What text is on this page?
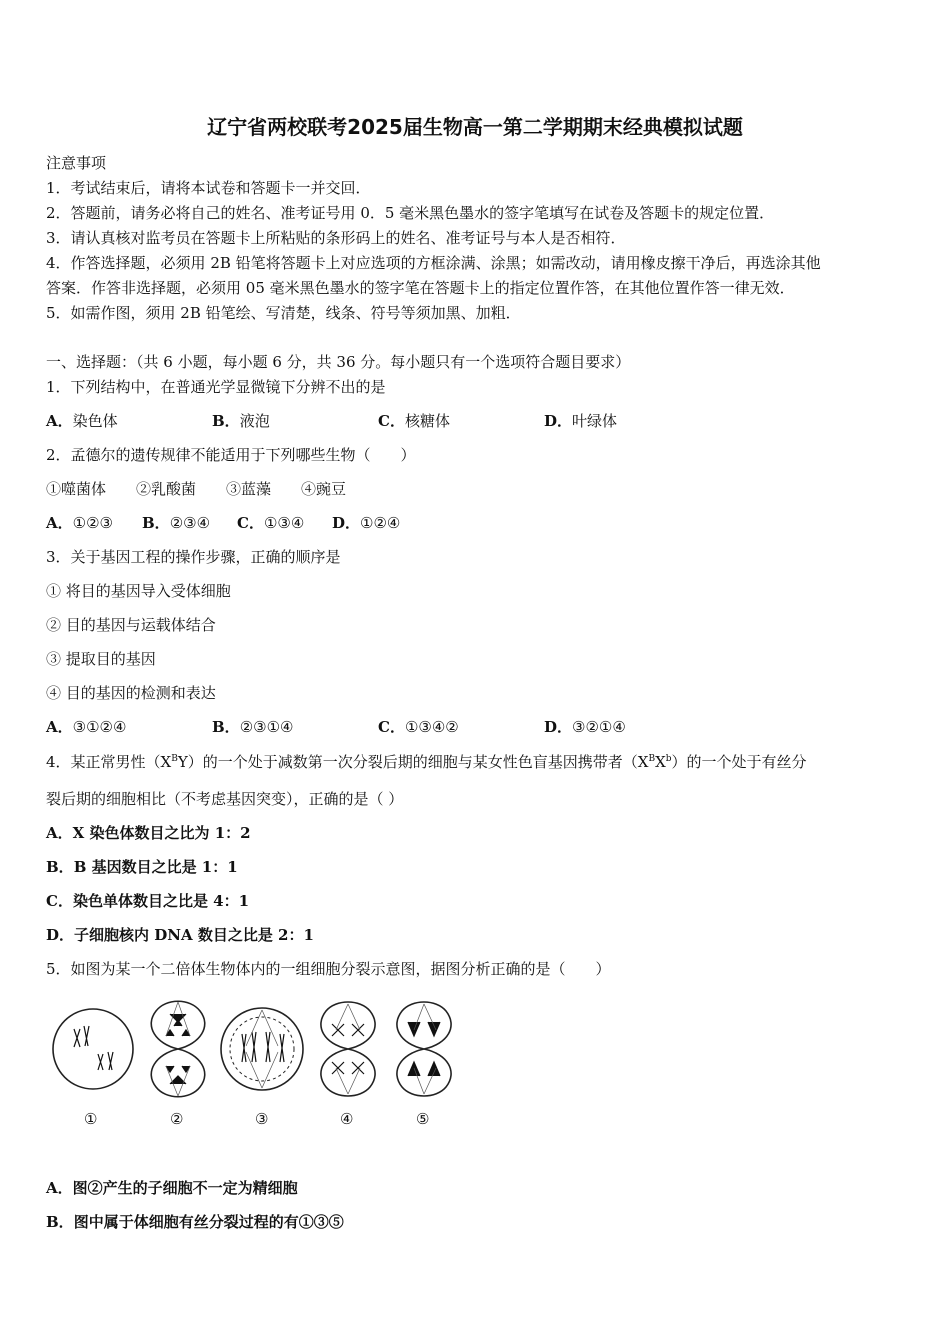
辽宁省两校联考2025届生物高一第二学期期末经典模拟试题
注意事项
1．考试结束后，请将本试卷和答题卡一并交回．
2．答题前，请务必将自己的姓名、准考证号用 0．5 毫米黑色墨水的签字笔填写在试卷及答题卡的规定位置．
3．请认真核对监考员在答题卡上所粘贴的条形码上的姓名、准考证号与本人是否相符．
4．作答选择题，必须用 2B 铅笔将答题卡上对应选项的方框涂满、涂黑；如需改动，请用橡皮擦干净后，再选涂其他
答案．作答非选择题，必须用 05 毫米黑色墨水的签字笔在答题卡上的指定位置作答，在其他位置作答一律无效．
5．如需作图，须用 2B 铅笔绘、写清楚，线条、符号等须加黑、加粗．
一、选择题：（共 6 小题，每小题 6 分，共 36 分。每小题只有一个选项符合题目要求）
1．下列结构中，在普通光学显微镜下分辨不出的是
A．染色体	B．液泡	C．核糖体	D．叶绿体
2．孟德尔的遗传规律不能适用于下列哪些生物（　　）
①噬菌体　　②乳酸菌　　③蓝藻　　④豌豆
A．①②③ B．②③④ C．①③④ D．①②④
3．关于基因工程的操作步骤，正确的顺序是
① 将目的基因导入受体细胞
② 目的基因与运载体结合
③ 提取目的基因
④ 目的基因的检测和表达
A．③①②④	B．②③①④	C．①③④②	D．③②①④
4．某正常男性$(X^BY)$的一个处于减数第一次分裂后期的细胞与某女性色盲基因携带者$(X^BX^b)$的一个处于有丝分
裂后期的细胞相比（不考虑基因突变），正确的是（ ）
A．X 染色体数目之比为 1：2
B．B 基因数目之比是 1：1
C．染色单体数目之比是 4：1
D．子细胞核内 DNA 数目之比是 2：1
5．如图为某一个二倍体生物体内的一组细胞分裂示意图，据图分析正确的是（　　）
①	②	③	④	⑤
A．图②产生的子细胞不一定为精细胞
B．图中属于体细胞有丝分裂过程的有①③⑤
